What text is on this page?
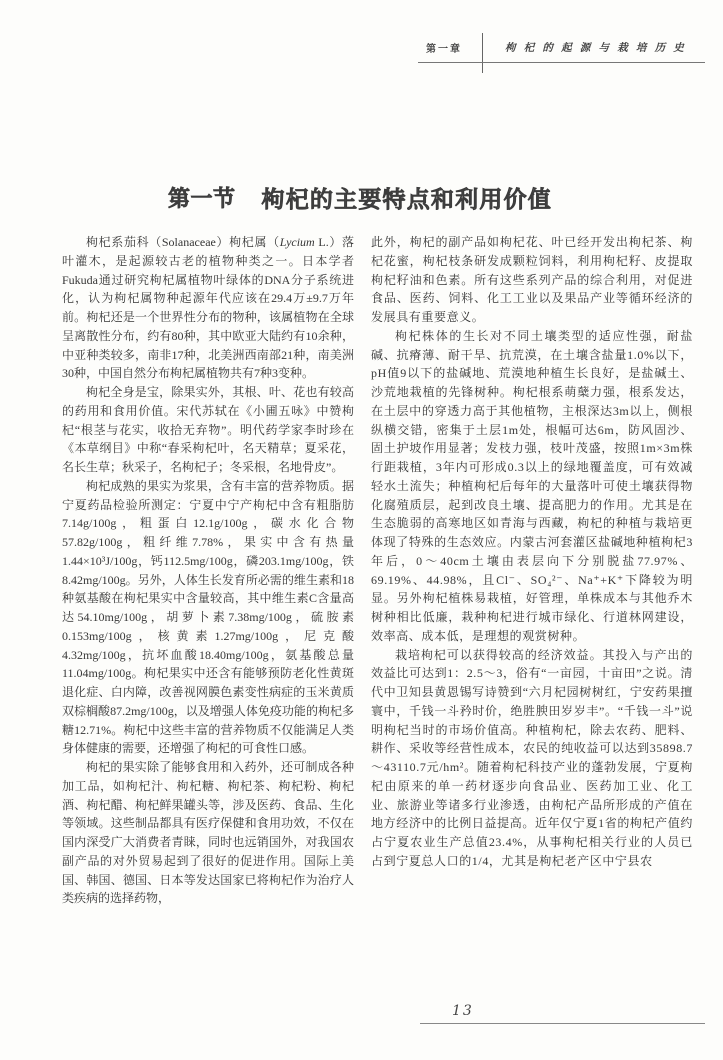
第一章	枸杞的起源与栽培历史
第一节 枸杞的主要特点和利用价值

枸杞系茄科（Solanaceae）枸杞属（Lycium L.）落叶灌木，是起源较古老的植物种类之一。日本学者Fukuda通过研究枸杞属植物叶绿体的DNA分子系统进化，认为枸杞属物种起源年代应该在29.4万±9.7万年前。枸杞还是一个世界性分布的物种，该属植物在全球呈离散性分布，约有80种，其中欧亚大陆约有10余种，中亚种类较多，南非17种，北美洲西南部21种，南美洲30种，中国自然分布枸杞属植物共有7种3变种。

枸杞全身是宝，除果实外，其根、叶、花也有较高的药用和食用价值。宋代苏轼在《小圃五咏》中赞枸杞“根茎与花实，收拾无弃物”。明代药学家李时珍在《本草纲目》中称“春采枸杞叶，名天精草；夏采花，名长生草；秋采子，名枸杞子；冬采根，名地骨皮”。

枸杞成熟的果实为浆果，含有丰富的营养物质。据宁夏药品检验所测定：宁夏中宁产枸杞中含有粗脂肪7.14g/100g，粗蛋白12.1g/100g，碳水化合物57.82g/100g，粗纤维7.78%，果实中含有热量1.44×10³J/100g，钙112.5mg/100g，磷203.1mg/100g，铁8.42mg/100g。另外，人体生长发育所必需的维生素和18种氨基酸在枸杞果实中含量较高，其中维生素C含量高达54.10mg/100g，胡萝卜素7.38mg/100g，硫胺素0.153mg/100g，核黄素1.27mg/100g，尼克酸4.32mg/100g，抗坏血酸18.40mg/100g，氨基酸总量11.04mg/100g。枸杞果实中还含有能够预防老化性黄斑退化症、白内障，改善视网膜色素变性病症的玉米黄质双棕榈酸87.2mg/100g，以及增强人体免疫功能的枸杞多糖12.71%。枸杞中这些丰富的营养物质不仅能满足人类身体健康的需要，还增强了枸杞的可食性口感。

枸杞的果实除了能够食用和入药外，还可制成各种加工品，如枸杞汁、枸杞糖、枸杞茶、枸杞粉、枸杞酒、枸杞醋、枸杞鲜果罐头等，涉及医药、食品、生化等领域。这些制品都具有医疗保健和食用功效，不仅在国内深受广大消费者青睐，同时也远销国外，对我国农副产品的对外贸易起到了很好的促进作用。国际上美国、韩国、德国、日本等发达国家已将枸杞作为治疗人类疾病的选择药物，

此外，枸杞的副产品如枸杞花、叶已经开发出枸杞茶、枸杞花蜜，枸杞枝条研发成颗粒饲料，利用枸杞籽、皮提取枸杞籽油和色素。所有这些系列产品的综合利用，对促进食品、医药、饲料、化工工业以及果品产业等循环经济的发展具有重要意义。

枸杞株体的生长对不同土壤类型的适应性强，耐盐碱、抗瘠薄、耐干旱、抗荒漠，在土壤含盐量1.0%以下，pH值9以下的盐碱地、荒漠地种植生长良好，是盐碱土、沙荒地栽植的先锋树种。枸杞根系萌蘖力强，根系发达，在土层中的穿透力高于其他植物，主根深达3m以上，侧根纵横交错，密集于土层1m处，根幅可达6m，防风固沙、固土护坡作用显著；发枝力强，枝叶茂盛，按照1m×3m株行距栽植，3年内可形成0.3以上的绿地覆盖度，可有效减轻水土流失；种植枸杞后每年的大量落叶可使土壤获得物化腐殖质层，起到改良土壤、提高肥力的作用。尤其是在生态脆弱的高寒地区如青海与西藏，枸杞的种植与栽培更体现了特殊的生态效应。内蒙古河套灌区盐碱地种植枸杞3年后，0～40cm土壤由表层向下分别脱盐77.97%、69.19%、44.98%，且Cl⁻、SO₄²⁻、Na⁺+K⁺下降较为明显。另外枸杞植株易栽植，好管理，单株成本与其他乔木树种相比低廉，栽种枸杞进行城市绿化、行道林网建设，效率高、成本低，是理想的观赏树种。

栽培枸杞可以获得较高的经济效益。其投入与产出的效益比可达到1：2.5～3，俗有“一亩园，十亩田”之说。清代中卫知县黄恩锡写诗赞到“六月杞园树树红，宁安药果擅寰中，千钱一斗矜时价，绝胜腴田岁岁丰”。“千钱一斗”说明枸杞当时的市场价值高。种植枸杞，除去农药、肥料、耕作、采收等经营性成本，农民的纯收益可以达到35898.7～43110.7元/hm²。随着枸杞科技产业的蓬勃发展，宁夏枸杞由原来的单一药材逐步向食品业、医药加工业、化工业、旅游业等诸多行业渗透，由枸杞产品所形成的产值在地方经济中的比例日益提高。近年仅宁夏1省的枸杞产值约占宁夏农业生产总值23.4%，从事枸杞相关行业的人员已占到宁夏总人口的1/4，尤其是枸杞老产区中宁县农

13
